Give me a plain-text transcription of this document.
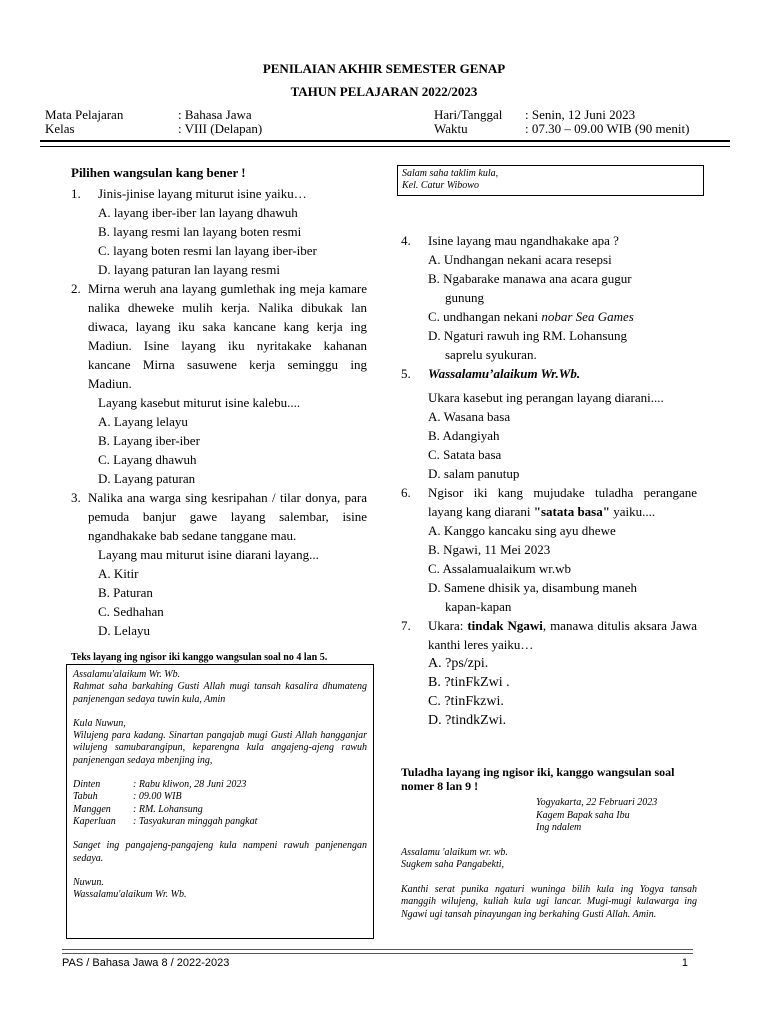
PENILAIAN AKHIR SEMESTER GENAP
TAHUN PELAJARAN 2022/2023
Mata Pelajaran	: Bahasa Jawa
Kelas	: VIII (Delapan)
Hari/Tanggal : Senin, 12 Juni 2023
Waktu	: 07.30 – 09.00 WIB (90 menit)
Pilihen wangsulan kang bener !
1.	Jinis-jinise layang miturut isine yaiku…
A. layang iber-iber lan layang dhawuh
B. layang resmi lan layang boten resmi
C. layang boten resmi lan layang iber-iber
D. layang paturan lan layang resmi
2. Mirna weruh ana layang gumlethak ing meja kamare nalika dheweke mulih kerja. Nalika dibukak lan diwaca, layang iku saka kancane kang kerja ing Madiun. Isine layang iku nyritakake kahanan kancane Mirna sasuwene kerja seminggu ing Madiun.
Layang kasebut miturut isine kalebu....
A. Layang lelayu
B. Layang iber-iber
C. Layang dhawuh
D. Layang paturan
3. Nalika ana warga sing kesripahan / tilar donya, para pemuda banjur gawe layang salembar, isine ngandhakake bab sedane tanggane mau.
Layang mau miturut isine diarani layang...
A. Kitir
B. Paturan
C. Sedhahan
D. Lelayu
Teks layang ing ngisor iki kanggo wangsulan soal no 4 lan 5.
Assalamu'alaikum Wr. Wb.
Rahmat saha barkahing Gusti Allah mugi tansah kasalira dhumateng panjenengan sedaya tuwin kula, Amin
Kula Nuwun,
Wilujeng para kadang. Sinartan pangajab mugi Gusti Allah hangganjar wilujeng samubarangipun, keparengna kula angajeng-ajeng rawuh panjenengan sedaya mbenjing ing,
Dinten	: Rabu kliwon, 28 Juni 2023
Tabuh	: 09.00 WIB
Manggen : RM. Lohansung
Kaperluan : Tasyakuran minggah pangkat
Sanget ing pangajeng-pangajeng kula nampeni rawuh panjenengan sedaya.
Nuwun.
Wassalamu'alaikum Wr. Wb.
Salam saha taklim kula,
Kel. Catur Wibowo
4.	Isine layang mau ngandhakake apa ?
A. Undhangan nekani acara resepsi
B. Ngabarake manawa ana acara gugur
gunung
C. undhangan nekani nobar Sea Games
D. Ngaturi rawuh ing RM. Lohansung
saprelu syukuran.
5.	Wassalamu’alaikum Wr.Wb.
Ukara kasebut ing perangan layang diarani....
A. Wasana basa
B. Adangiyah
C. Satata basa
D. salam panutup
6.	Ngisor iki kang mujudake tuladha perangane layang kang diarani "satata basa" yaiku....
A. Kanggo kancaku sing ayu dhewe
B. Ngawi, 11 Mei 2023
C. Assalamualaikum wr.wb
D. Samene dhisik ya, disambung maneh
kapan-kapan
7.	Ukara: tindak Ngawi, manawa ditulis aksara Jawa kanthi leres yaiku…
A. ?ps/zpi.
B. ?tinFkZwi .
C. ?tinFkzwi.
D. ?tindkZwi.
Tuladha layang ing ngisor iki, kanggo wangsulan soal nomer 8 lan 9 !
Yogyakarta, 22 Februari 2023
Kagem Bapak saha Ibu
Ing ndalem
Assalamu 'alaikum wr. wb.
Sugkem saha Pangabekti,
Kanthi serat punika ngaturi wuninga bilih kula ing Yogya tansah manggih wilujeng, kuliah kula ugi lancar. Mugi-mugi kulawarga ing Ngawi ugi tansah pinayungan ing berkahing Gusti Allah. Amin.
PAS / Bahasa Jawa 8 / 2022-2023	1
